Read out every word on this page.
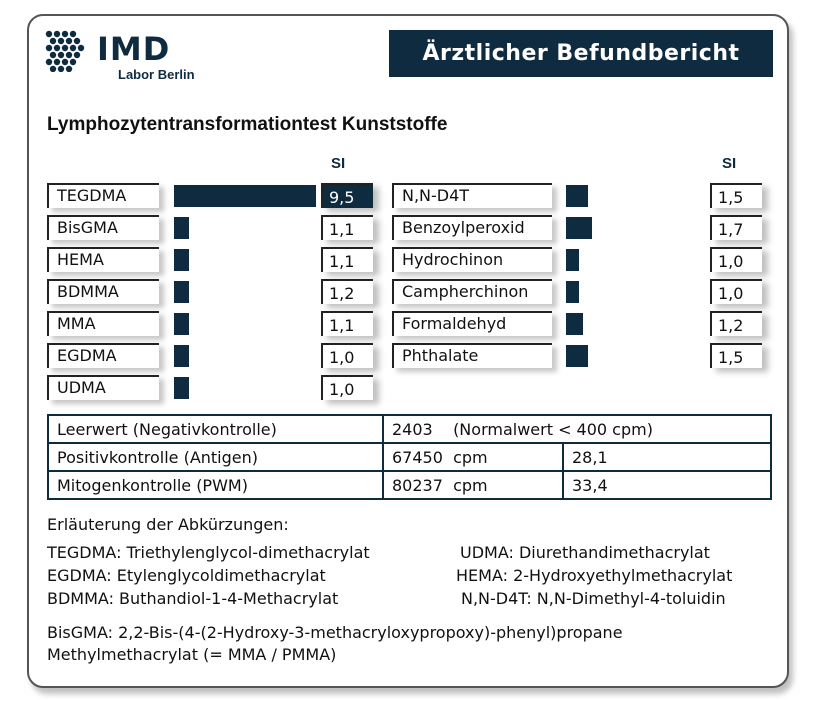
IMD
Labor Berlin
Ärztlicher Befundbericht
Lymphozytentransformationtest Kunststoffe
SI	SI
TEGDMA	9,5
BisGMA	1,1
HEMA	1,1
BDMMA	1,2
MMA	1,1
EGDMA	1,0
UDMA	1,0
N,N-D4T	1,5
Benzoylperoxid	1,7
Hydrochinon	1,0
Campherchinon	1,0
Formaldehyd	1,2
Phthalate	1,5
Leerwert (Negativkontrolle)	2403    (Normalwert < 400 cpm)	
Positivkontrolle (Antigen)	67450  cpm	28,1
Mitogenkontrolle (PWM)	80237  cpm	33,4
Erläuterung der Abkürzungen:
TEGDMA: Triethylenglycol-dimethacrylat
EGDMA: Etylenglycoldimethacrylat
BDMMA: Buthandiol-1-4-Methacrylat
UDMA: Diurethandimethacrylat
HEMA: 2-Hydroxyethylmethacrylat
N,N-D4T: N,N-Dimethyl-4-toluidin
BisGMA: 2,2-Bis-(4-(2-Hydroxy-3-methacryloxypropoxy)-phenyl)propane
Methylmethacrylat (= MMA / PMMA)
